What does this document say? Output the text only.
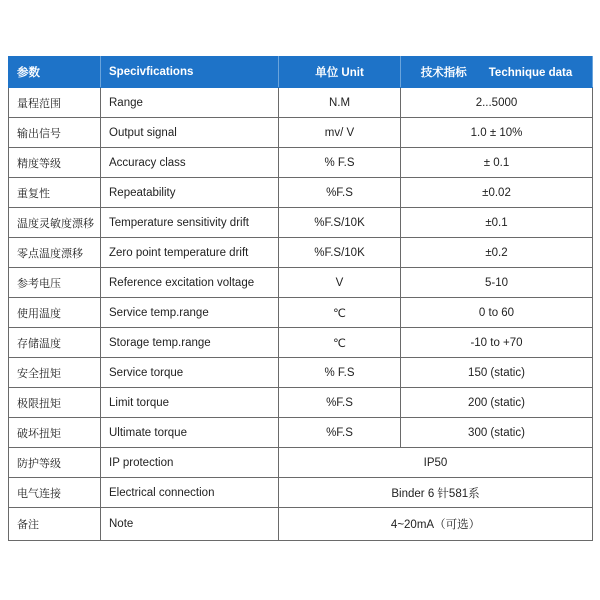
参数	Specivfications	单位 Unit	技术指标 Technique data
量程范围	Range	N.M	2...5000
输出信号	Output signal	mv/ V	1.0 ± 10%
精度等级	Accuracy class	% F.S	± 0.1
重复性	Repeatability	%F.S	±0.02
温度灵敏度漂移	Temperature sensitivity drift	%F.S/10K	±0.1
零点温度漂移	Zero point temperature drift	%F.S/10K	±0.2
参考电压	Reference excitation voltage	V	5-10
使用温度	Service temp.range	℃	0 to 60
存储温度	Storage temp.range	℃	-10 to +70
安全扭矩	Service torque	% F.S	150 (static)
极限扭矩	Limit torque	%F.S	200 (static)
破坏扭矩	Ultimate torque	%F.S	300 (static)
防护等级	IP protection	IP50	
电气连接	Electrical connection	Binder 6 针581系	
备注	Note	4~20mA（可选）	
